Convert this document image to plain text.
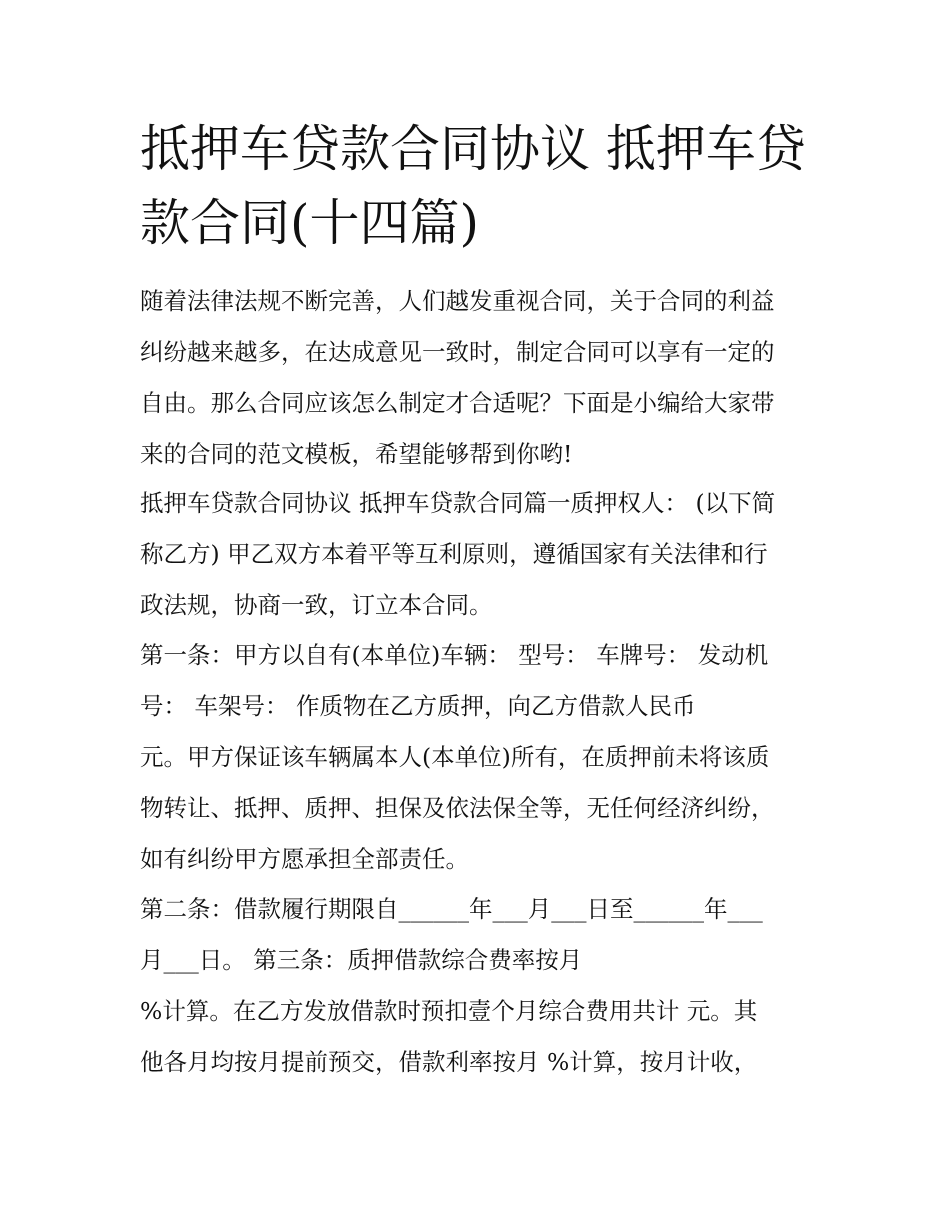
抵押车贷款合同协议 抵押车贷
款合同(十四篇)

随着法律法规不断完善，人们越发重视合同，关于合同的利益
纠纷越来越多，在达成意见一致时，制定合同可以享有一定的
自由。那么合同应该怎么制定才合适呢？下面是小编给大家带
来的合同的范文模板，希望能够帮到你哟!

抵押车贷款合同协议 抵押车贷款合同篇一质押权人： (以下简
称乙方) 甲乙双方本着平等互利原则，遵循国家有关法律和行
政法规，协商一致，订立本合同。

第一条：甲方以自有(本单位)车辆： 型号： 车牌号： 发动机
号： 车架号： 作质物在乙方质押，向乙方借款人民币
元。甲方保证该车辆属本人(本单位)所有，在质押前未将该质
物转让、抵押、质押、担保及依法保全等，无任何经济纠纷，
如有纠纷甲方愿承担全部责任。

第二条：借款履行期限自______年___月___日至______年___
月___日。 第三条：质押借款综合费率按月

%计算。在乙方发放借款时预扣壹个月综合费用共计 元。其
他各月均按月提前预交，借款利率按月 %计算，按月计收，
